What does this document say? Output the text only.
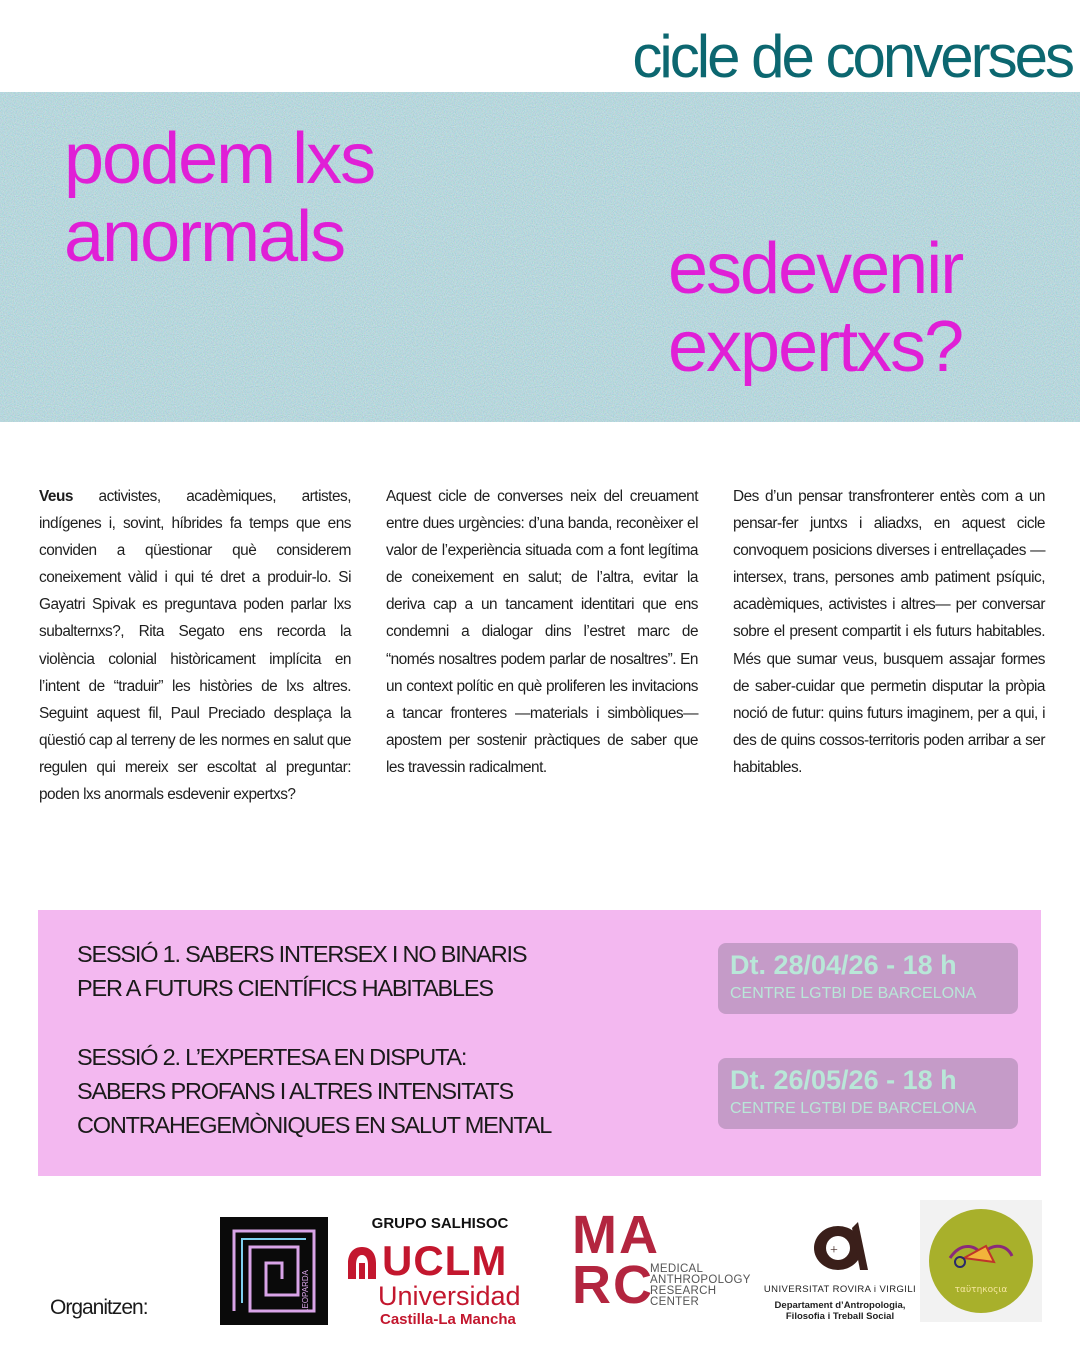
cicle de converses
podem lxs anormals	esdevenir expertxs?
Veus activistes, acadèmiques, artistes, indígenes i, sovint, híbrides fa temps que ens conviden a qüestionar què considerem coneixement vàlid i qui té dret a produir-lo. Si Gayatri Spivak es preguntava poden parlar lxs subalternxs?, Rita Segato ens recorda la violència colonial històricament implícita en l’intent de “traduir” les històries de lxs altres. Seguint aquest fil, Paul Preciado desplaça la qüestió cap al terreny de les normes en salut que regulen qui mereix ser escoltat al preguntar: poden lxs anormals esdevenir expertxs?
Aquest cicle de converses neix del creuament entre dues urgències: d’una banda, reconèixer el valor de l’experiència situada com a font legítima de coneixement en salut; de l’altra, evitar la deriva cap a un tancament identitari que ens condemni a dialogar dins l’estret marc de “només nosaltres podem parlar de nosaltres”. En un context polític en què proliferen les invitacions a tancar fronteres —materials i simbòliques— apostem per sostenir pràctiques de saber que les travessin radicalment.
Des d’un pensar transfronterer entès com a un pensar-fer juntxs i aliadxs, en aquest cicle convoquem posicions diverses i entrellaçades —intersex, trans, persones amb patiment psíquic, acadèmiques, activistes i altres— per conversar sobre el present compartit i els futurs habitables. Més que sumar veus, busquem assajar formes de saber-cuidar que permetin disputar la pròpia noció de futur: quins futurs imaginem, per a qui, i des de quins cossos-territoris poden arribar a ser habitables.
SESSIÓ 1. SABERS INTERSEX I NO BINARIS
PER A FUTURS CIENTÍFICS HABITABLES
Dt. 28/04/26 - 18 h
CENTRE LGTBI DE BARCELONA
SESSIÓ 2. L’EXPERTESA EN DISPUTA:
SABERS PROFANS I ALTRES INTENSITATS
CONTRAHEGEMÒNIQUES EN SALUT MENTAL
Dt. 26/05/26 - 18 h
CENTRE LGTBI DE BARCELONA
Organitzen:	LEOPARDA
GRUPO SALHISOC
UCLM
Universidad
Castilla-La Mancha
MA
RC
MEDICAL
ANTHROPOLOGY
RESEARCH
CENTER
+
UNIVERSITAT ROVIRA i VIRGILI
Departament d’Antropologia,
Filosofia i Treball Social
ταϋτηκοςια
